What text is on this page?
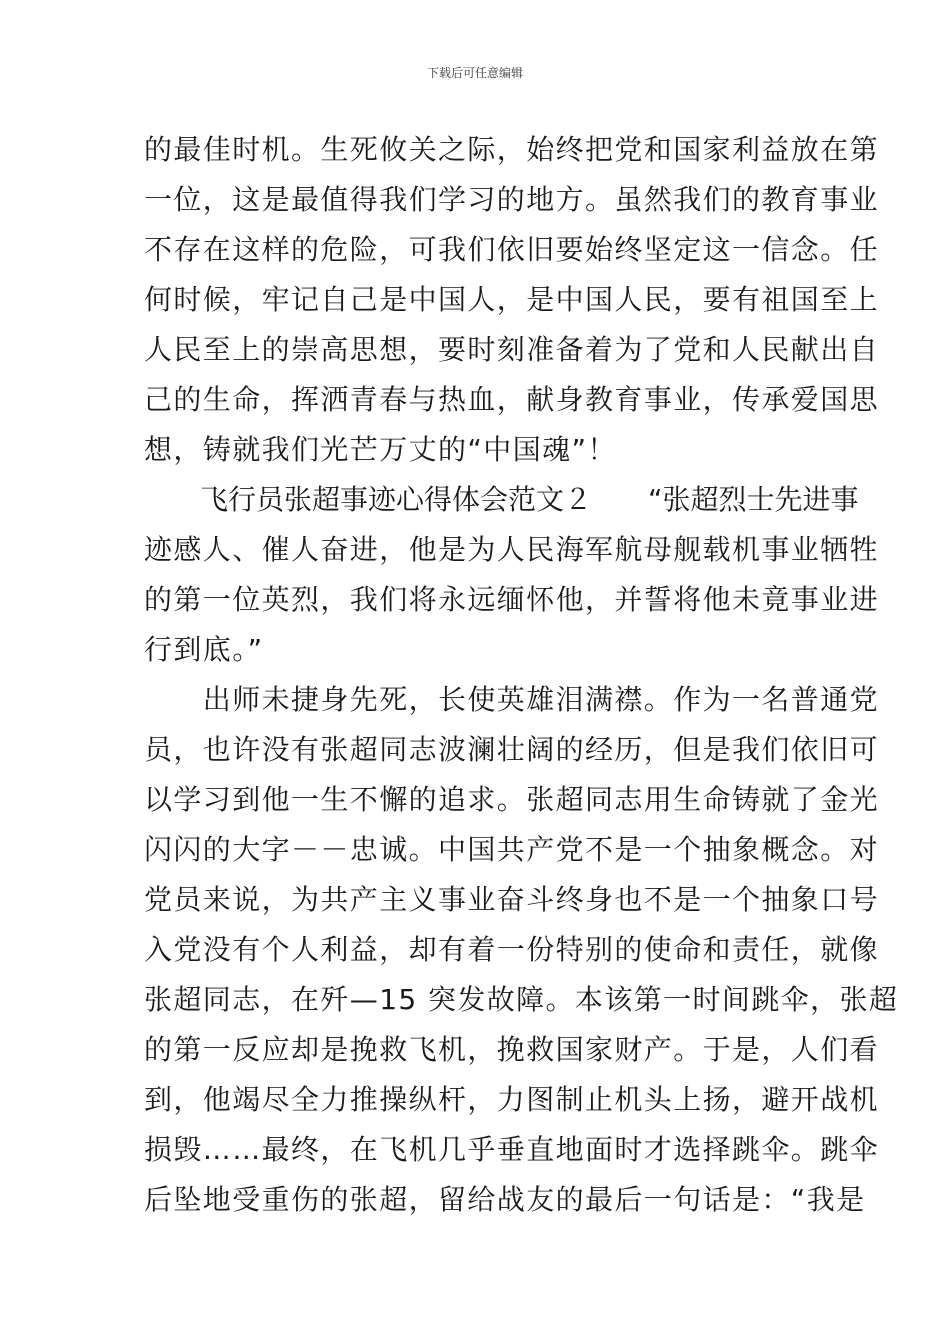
下载后可任意编辑
的最佳时机。生死攸关之际，始终把党和国家利益放在第
一位，这是最值得我们学习的地方。虽然我们的教育事业
不存在这样的危险，可我们依旧要始终坚定这一信念。任
何时候，牢记自己是中国人，是中国人民，要有祖国至上
人民至上的崇高思想，要时刻准备着为了党和人民献出自
己的生命，挥洒青春与热血，献身教育事业，传承爱国思
想，铸就我们光芒万丈的“中国魂”！
　　飞行员张超事迹心得体会范文２　　“张超烈士先进事
迹感人、催人奋进，他是为人民海军航母舰载机事业牺牲
的第一位英烈，我们将永远缅怀他，并誓将他未竟事业进
行到底。”
　　出师未捷身先死，长使英雄泪满襟。作为一名普通党
员，也许没有张超同志波澜壮阔的经历，但是我们依旧可
以学习到他一生不懈的追求。张超同志用生命铸就了金光
闪闪的大字－－忠诚。中国共产党不是一个抽象概念。对
党员来说，为共产主义事业奋斗终身也不是一个抽象口号
入党没有个人利益，却有着一份特别的使命和责任，就像
张超同志，在歼—15 突发故障。本该第一时间跳伞，张超
的第一反应却是挽救飞机，挽救国家财产。于是，人们看
到，他竭尽全力推操纵杆，力图制止机头上扬，避开战机
损毁……最终，在飞机几乎垂直地面时才选择跳伞。跳伞
后坠地受重伤的张超，留给战友的最后一句话是：“我是
